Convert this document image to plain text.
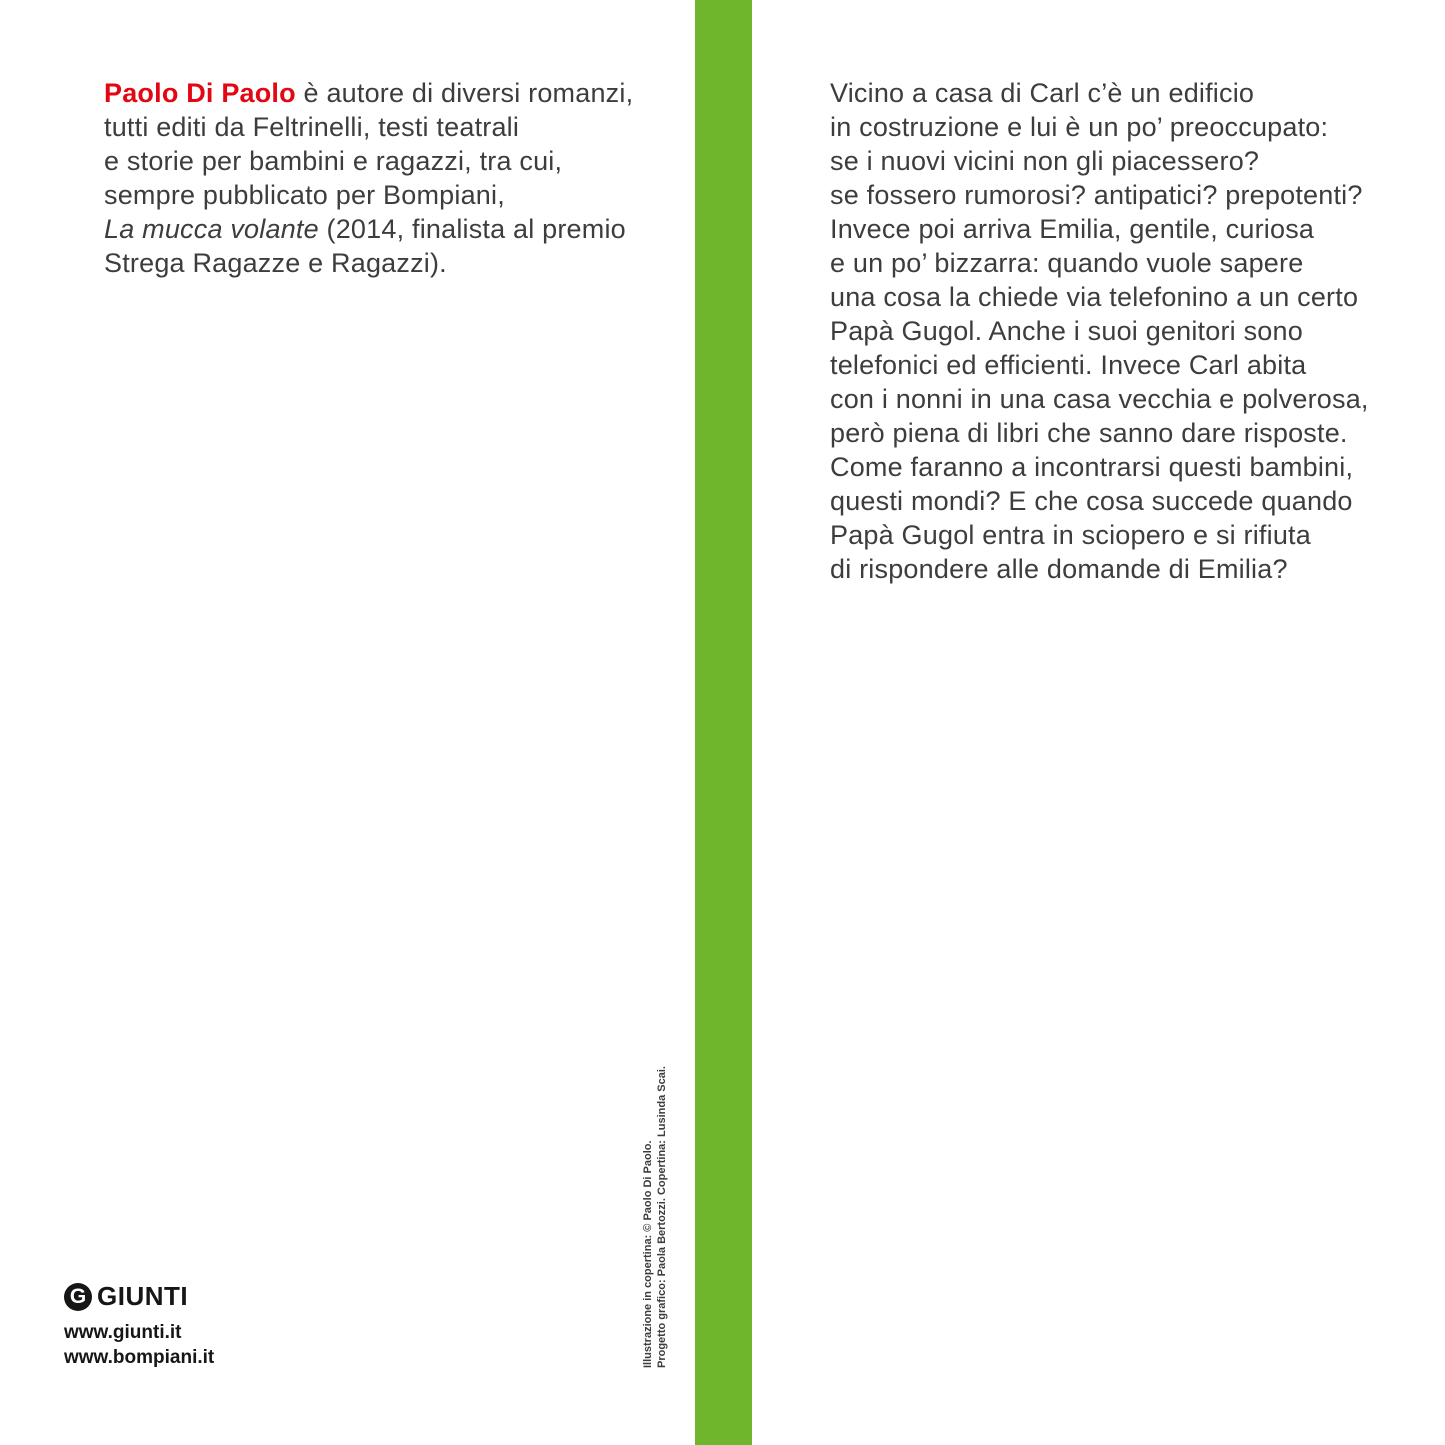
Paolo Di Paolo è autore di diversi romanzi,
tutti editi da Feltrinelli, testi teatrali
e storie per bambini e ragazzi, tra cui,
sempre pubblicato per Bompiani,
La mucca volante (2014, finalista al premio
Strega Ragazze e Ragazzi).
Vicino a casa di Carl c’è un edificio
in costruzione e lui è un po’ preoccupato:
se i nuovi vicini non gli piacessero?
se fossero rumorosi? antipatici? prepotenti?
Invece poi arriva Emilia, gentile, curiosa
e un po’ bizzarra: quando vuole sapere
una cosa la chiede via telefonino a un certo
Papà Gugol. Anche i suoi genitori sono
telefonici ed efficienti. Invece Carl abita
con i nonni in una casa vecchia e polverosa,
però piena di libri che sanno dare risposte.
Come faranno a incontrarsi questi bambini,
questi mondi? E che cosa succede quando
Papà Gugol entra in sciopero e si rifiuta
di rispondere alle domande di Emilia?
Illustrazione in copertina: © Paolo Di Paolo. Progetto grafico: Paola Bertozzi. Copertina: Lusinda Scai.
G GIUNTI
www.giunti.it
www.bompiani.it
